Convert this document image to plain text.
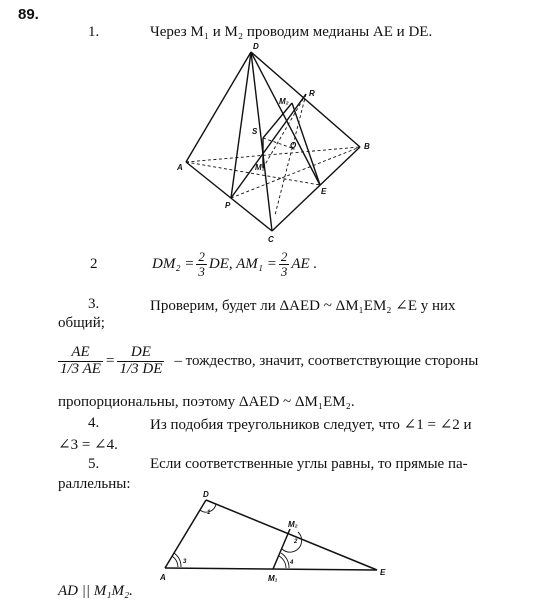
89.
1.	Через M₁ и M₂ проводим медианы AE и DE.
D
R
M₂
S
Q	B
A	M₁
P
E
C
2	$DM_2 = \frac{2}{3}$ DE, $AM_1 = \frac{2}{3}$ AE .
3.	Проверим, будет ли ΔAED ~ ΔM₁EM₂ ∠E у них
общий;
$\frac{AE}{1/3 AE} = \frac{DE}{1/3 DE}$ – тождество, значит, соответствующие стороны
пропорциональны, поэтому ΔAED ~ ΔM₁EM₂.
4.	Из подобия треугольников следует, что ∠1 = ∠2 и
∠3 = ∠4.
5.	Если соответственные углы равны, то прямые па-
раллельны:
D
1
M₂
2
3	4
A	M₁
E
AD || M₁M₂.
